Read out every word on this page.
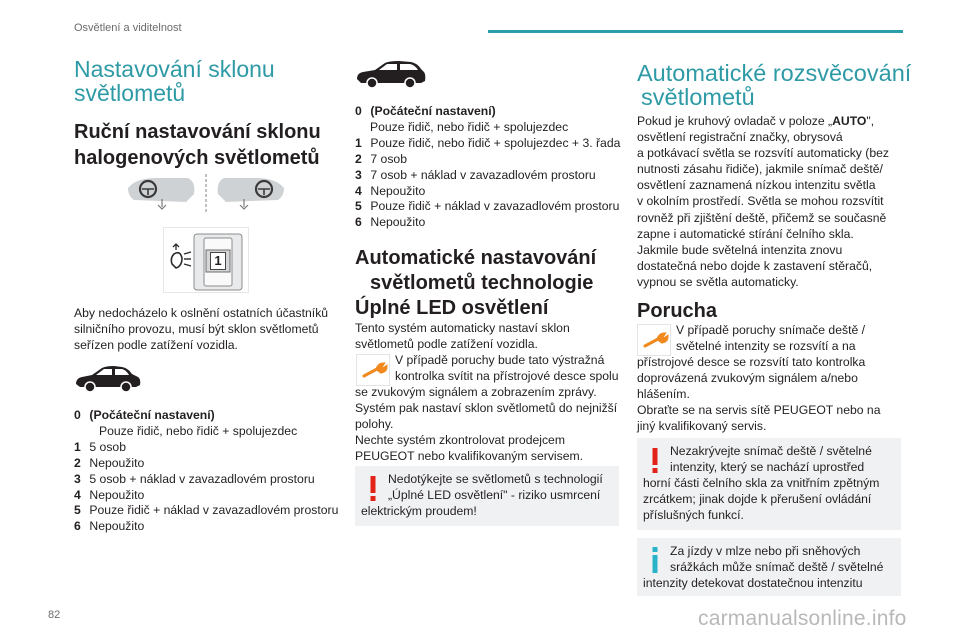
Osvětlení a viditelnost
Nastavování sklonu
světlometů
Ruční nastavování sklonu
halogenových světlometů
1
Aby nedocházelo k oslnění ostatních účastníků
silničního provozu, musí být sklon světlometů
seřízen podle zatížení vozidla.
0 (Počáteční nastavení)
Pouze řidič, nebo řidič + spolujezdec
1 5 osob
2 Nepoužito
3 5 osob + náklad v zavazadlovém prostoru
4 Nepoužito
5 Pouze řidič + náklad v zavazadlovém prostoru
6 Nepoužito
0 (Počáteční nastavení)
Pouze řidič, nebo řidič + spolujezdec
1 Pouze řidič, nebo řidič + spolujezdec + 3. řada
2 7 osob
3 7 osob + náklad v zavazadlovém prostoru
4 Nepoužito
5 Pouze řidič + náklad v zavazadlovém prostoru
6 Nepoužito
Automatické nastavování
světlometů technologie
Úplné LED osvětlení
Tento systém automaticky nastaví sklon
světlometů podle zatížení vozidla.
V případě poruchy bude tato výstražná
kontrolka svítit na přístrojové desce spolu
se zvukovým signálem a zobrazením zprávy.
Systém pak nastaví sklon světlometů do nejnižší
polohy.
Nechte systém zkontrolovat prodejcem
PEUGEOT nebo kvalifikovaným servisem.
Nedotýkejte se světlometů s technologií
„Úplné LED osvětlení" - riziko usmrcení
elektrickým proudem!
Automatické rozsvěcování
světlometů
Pokud je kruhový ovladač v poloze „AUTO",
osvětlení registrační značky, obrysová
a potkávací světla se rozsvítí automaticky (bez
nutnosti zásahu řidiče), jakmile snímač deště/
osvětlení zaznamená nízkou intenzitu světla
v okolním prostředí. Světla se mohou rozsvítit
rovněž při zjištění deště, přičemž se současně
zapne i automatické stírání čelního skla.
Jakmile bude světelná intenzita znovu
dostatečná nebo dojde k zastavení stěračů,
vypnou se světla automaticky.
Porucha
V případě poruchy snímače deště /
světelné intenzity se rozsvítí a na
přístrojové desce se rozsvítí tato kontrolka
doprovázená zvukovým signálem a/nebo
hlášením.
Obraťte se na servis sítě PEUGEOT nebo na
jiný kvalifikovaný servis.
Nezakrývejte snímač deště / světelné
intenzity, který se nachází uprostřed
horní části čelního skla za vnitřním zpětným
zrcátkem; jinak dojde k přerušení ovládání
příslušných funkcí.
Za jízdy v mlze nebo při sněhových
srážkách může snímač deště / světelné
intenzity detekovat dostatečnou intenzitu
82	carmanualsonline.info
